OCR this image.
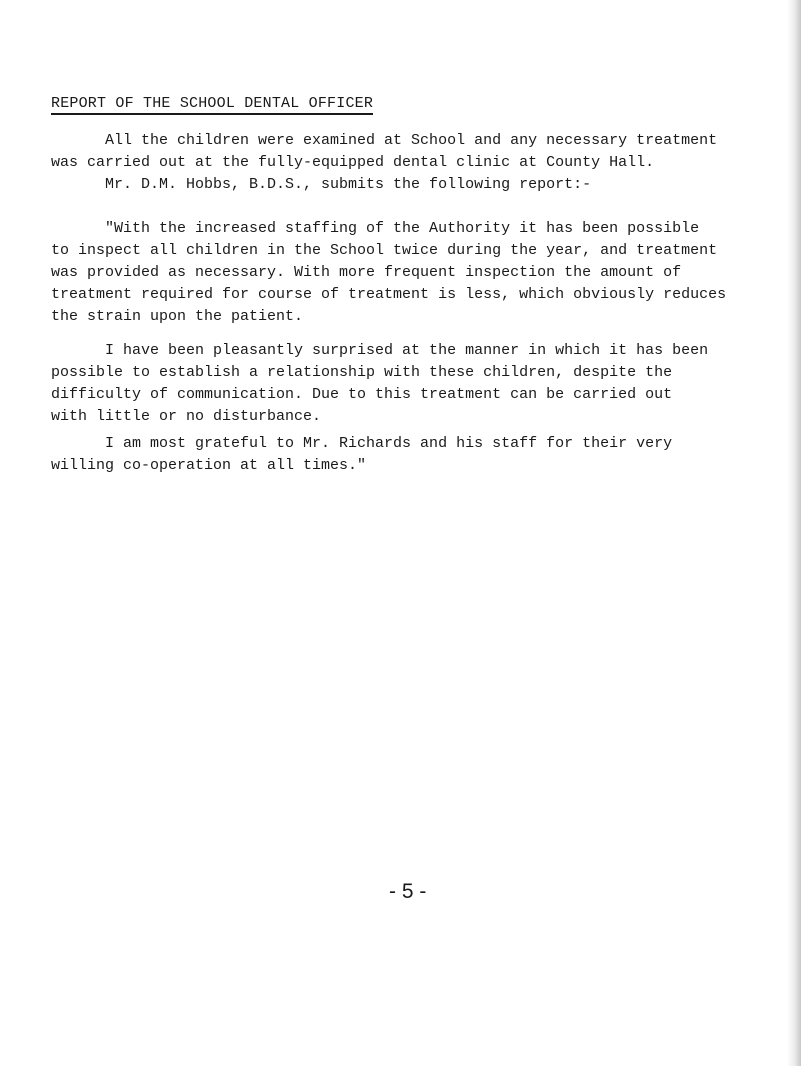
REPORT OF THE SCHOOL DENTAL OFFICER

All the children were examined at School and any necessary treatment
was carried out at the fully-equipped dental clinic at County Hall.

Mr. D.M. Hobbs, B.D.S., submits the following report:-

"With the increased staffing of the Authority it has been possible
to inspect all children in the School twice during the year, and treatment
was provided as necessary. With more frequent inspection the amount of
treatment required for course of treatment is less, which obviously reduces
the strain upon the patient.

I have been pleasantly surprised at the manner in which it has been
possible to establish a relationship with these children, despite the
difficulty of communication. Due to this treatment can be carried out
with little or no disturbance.

I am most grateful to Mr. Richards and his staff for their very
willing co-operation at all times."

- 5 -
